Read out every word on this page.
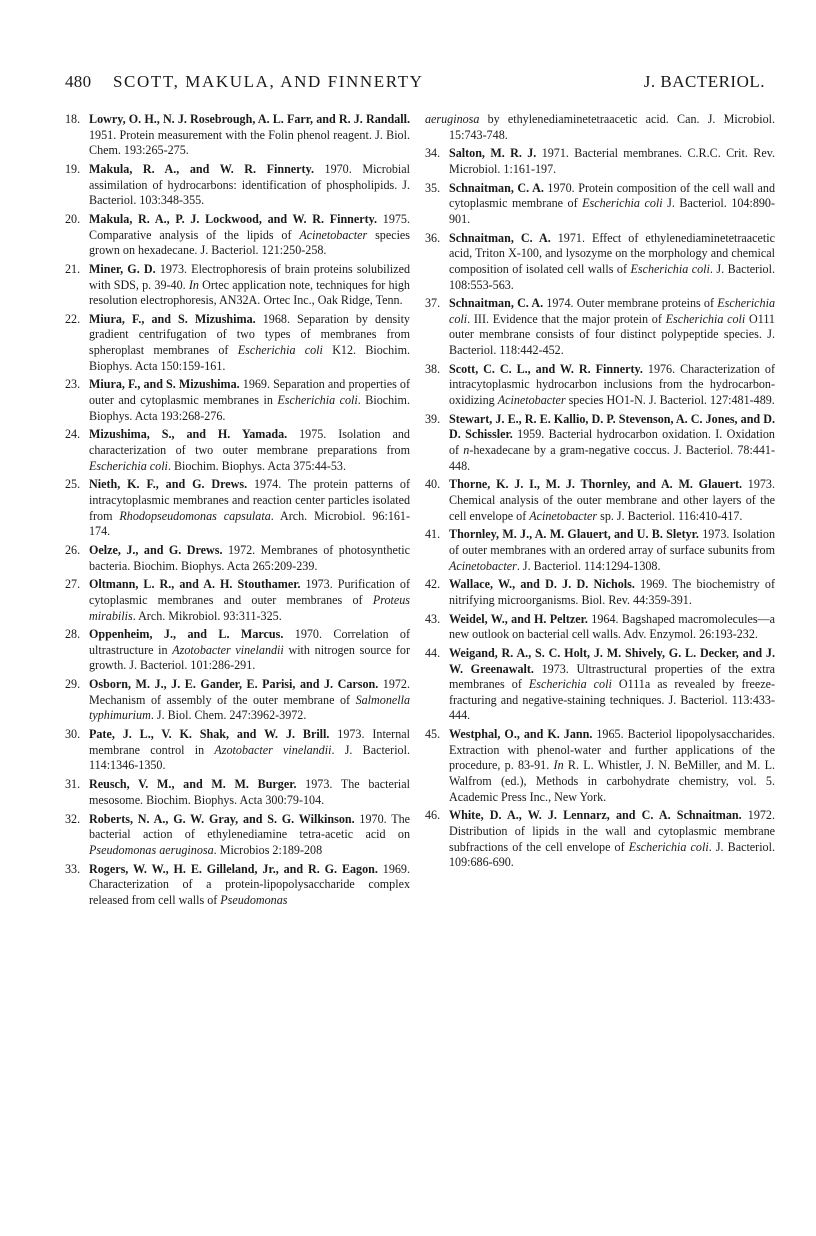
480 SCOTT, MAKULA, AND FINNERTY	J. BACTERIOL.
18. Lowry, O. H., N. J. Rosebrough, A. L. Farr, and R. J. Randall. 1951. Protein measurement with the Folin phenol reagent. J. Biol. Chem. 193:265-275.
19. Makula, R. A., and W. R. Finnerty. 1970. Microbial assimilation of hydrocarbons: identification of phospholipids. J. Bacteriol. 103:348-355.
20. Makula, R. A., P. J. Lockwood, and W. R. Finnerty. 1975. Comparative analysis of the lipids of Acinetobacter species grown on hexadecane. J. Bacteriol. 121:250-258.
21. Miner, G. D. 1973. Electrophoresis of brain proteins solubilized with SDS, p. 39-40. In Ortec application note, techniques for high resolution electrophoresis, AN32A. Ortec Inc., Oak Ridge, Tenn.
22. Miura, F., and S. Mizushima. 1968. Separation by density gradient centrifugation of two types of membranes from spheroplast membranes of Escherichia coli K12. Biochim. Biophys. Acta 150:159-161.
23. Miura, F., and S. Mizushima. 1969. Separation and properties of outer and cytoplasmic membranes in Escherichia coli. Biochim. Biophys. Acta 193:268-276.
24. Mizushima, S., and H. Yamada. 1975. Isolation and characterization of two outer membrane preparations from Escherichia coli. Biochim. Biophys. Acta 375:44-53.
25. Nieth, K. F., and G. Drews. 1974. The protein patterns of intracytoplasmic membranes and reaction center particles isolated from Rhodopseudomonas capsulata. Arch. Microbiol. 96:161-174.
26. Oelze, J., and G. Drews. 1972. Membranes of photosynthetic bacteria. Biochim. Biophys. Acta 265:209-239.
27. Oltmann, L. R., and A. H. Stouthamer. 1973. Purification of cytoplasmic membranes and outer membranes of Proteus mirabilis. Arch. Mikrobiol. 93:311-325.
28. Oppenheim, J., and L. Marcus. 1970. Correlation of ultrastructure in Azotobacter vinelandii with nitrogen source for growth. J. Bacteriol. 101:286-291.
29. Osborn, M. J., J. E. Gander, E. Parisi, and J. Carson. 1972. Mechanism of assembly of the outer membrane of Salmonella typhimurium. J. Biol. Chem. 247:3962-3972.
30. Pate, J. L., V. K. Shak, and W. J. Brill. 1973. Internal membrane control in Azotobacter vinelandii. J. Bacteriol. 114:1346-1350.
31. Reusch, V. M., and M. M. Burger. 1973. The bacterial mesosome. Biochim. Biophys. Acta 300:79-104.
32. Roberts, N. A., G. W. Gray, and S. G. Wilkinson. 1970. The bacterial action of ethylenediamine tetra-acetic acid on Pseudomonas aeruginosa. Microbios 2:189-208
33. Rogers, W. W., H. E. Gilleland, Jr., and R. G. Eagon. 1969. Characterization of a protein-lipopolysaccharide complex released from cell walls of Pseudomonas
aeruginosa by ethylenediaminetetraacetic acid. Can. J. Microbiol. 15:743-748.
34. Salton, M. R. J. 1971. Bacterial membranes. C.R.C. Crit. Rev. Microbiol. 1:161-197.
35. Schnaitman, C. A. 1970. Protein composition of the cell wall and cytoplasmic membrane of Escherichia coli J. Bacteriol. 104:890-901.
36. Schnaitman, C. A. 1971. Effect of ethylenediaminetetraacetic acid, Triton X-100, and lysozyme on the morphology and chemical composition of isolated cell walls of Escherichia coli. J. Bacteriol. 108:553-563.
37. Schnaitman, C. A. 1974. Outer membrane proteins of Escherichia coli. III. Evidence that the major protein of Escherichia coli O111 outer membrane consists of four distinct polypeptide species. J. Bacteriol. 118:442-452.
38. Scott, C. C. L., and W. R. Finnerty. 1976. Characterization of intracytoplasmic hydrocarbon inclusions from the hydrocarbon-oxidizing Acinetobacter species HO1-N. J. Bacteriol. 127:481-489.
39. Stewart, J. E., R. E. Kallio, D. P. Stevenson, A. C. Jones, and D. D. Schissler. 1959. Bacterial hydrocarbon oxidation. I. Oxidation of n-hexadecane by a gram-negative coccus. J. Bacteriol. 78:441-448.
40. Thorne, K. J. I., M. J. Thornley, and A. M. Glauert. 1973. Chemical analysis of the outer membrane and other layers of the cell envelope of Acinetobacter sp. J. Bacteriol. 116:410-417.
41. Thornley, M. J., A. M. Glauert, and U. B. Sletyr. 1973. Isolation of outer membranes with an ordered array of surface subunits from Acinetobacter. J. Bacteriol. 114:1294-1308.
42. Wallace, W., and D. J. D. Nichols. 1969. The biochemistry of nitrifying microorganisms. Biol. Rev. 44:359-391.
43. Weidel, W., and H. Peltzer. 1964. Bagshaped macromolecules—a new outlook on bacterial cell walls. Adv. Enzymol. 26:193-232.
44. Weigand, R. A., S. C. Holt, J. M. Shively, G. L. Decker, and J. W. Greenawalt. 1973. Ultrastructural properties of the extra membranes of Escherichia coli O111a as revealed by freeze-fracturing and negative-staining techniques. J. Bacteriol. 113:433-444.
45. Westphal, O., and K. Jann. 1965. Bacteriol lipopolysaccharides. Extraction with phenol-water and further applications of the procedure, p. 83-91. In R. L. Whistler, J. N. BeMiller, and M. L. Walfrom (ed.), Methods in carbohydrate chemistry, vol. 5. Academic Press Inc., New York.
46. White, D. A., W. J. Lennarz, and C. A. Schnaitman. 1972. Distribution of lipids in the wall and cytoplasmic membrane subfractions of the cell envelope of Escherichia coli. J. Bacteriol. 109:686-690.
